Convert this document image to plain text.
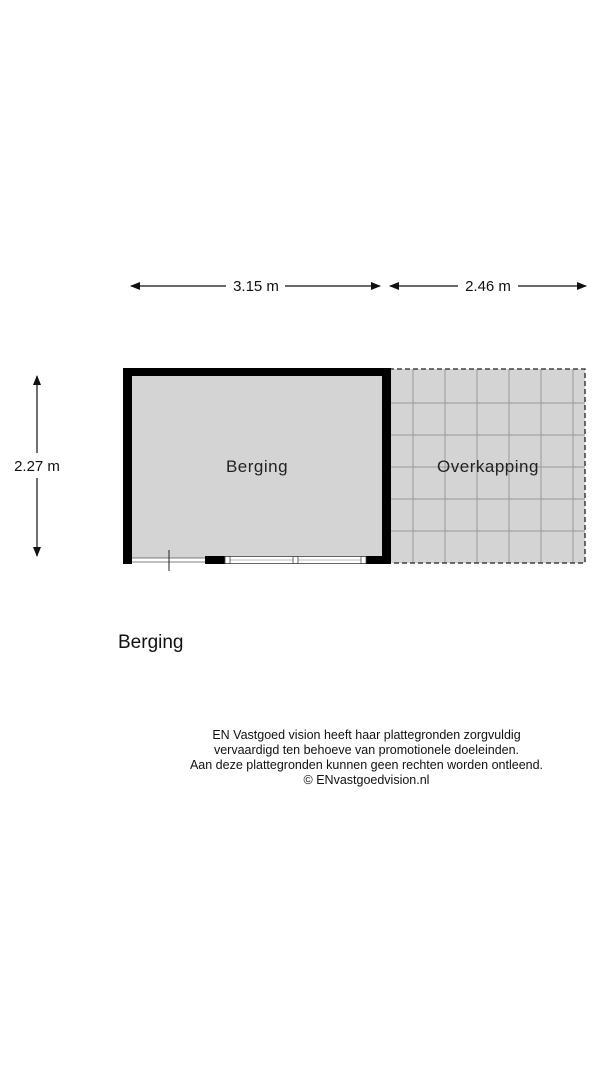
3.15 m	2.46 m
2.27 m	Berging	Overkapping
Berging
EN Vastgoed vision heeft haar plattegronden zorgvuldig
vervaardigd ten behoeve van promotionele doeleinden.
Aan deze plattegronden kunnen geen rechten worden ontleend.
© ENvastgoedvision.nl
